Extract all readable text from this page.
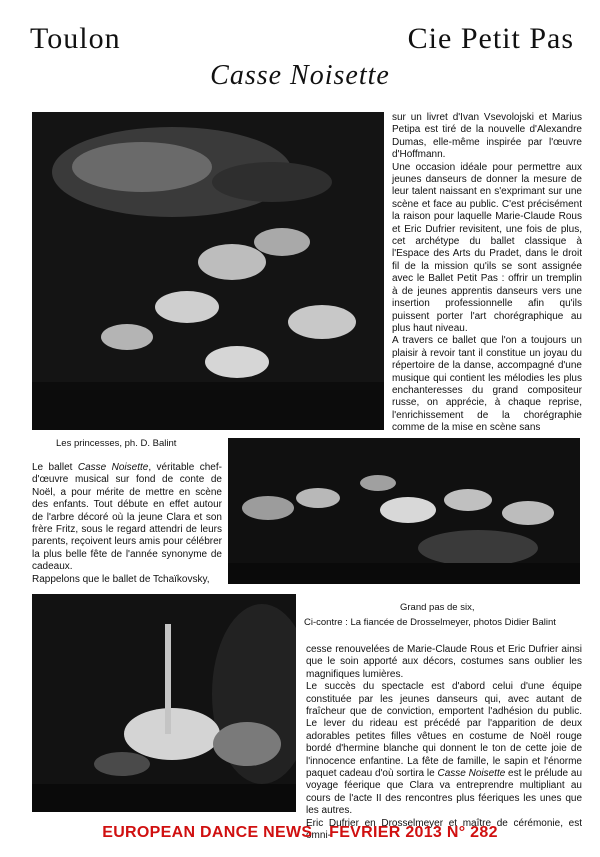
Toulon	Cie Petit Pas
Casse Noisette
Les princesses, ph. D. Balint

sur un livret d'Ivan Vsevolojski et Marius Petipa est tiré de la nouvelle d'Alexandre Dumas, elle-même inspirée par l'œuvre d'Hoffmann.

Une occasion idéale pour permettre aux jeunes danseurs de donner la mesure de leur talent naissant en s'exprimant sur une scène et face au public. C'est précisément la raison pour laquelle Marie-Claude Rous et Eric Dufrier revisitent, une fois de plus, cet archétype du ballet classique à l'Espace des Arts du Pradet, dans le droit fil de la mission qu'ils se sont assignée avec le Ballet Petit Pas : offrir un tremplin à de jeunes apprentis danseurs vers une insertion professionnelle afin qu'ils puissent porter l'art chorégraphique au plus haut niveau.

A travers ce ballet que l'on a toujours un plaisir à revoir tant il constitue un joyau du répertoire de la danse, accompagné d'une musique qui contient les mélodies les plus enchanteresses du grand compositeur russe, on apprécie, à chaque reprise, l'enrichissement de la chorégraphie comme de la mise en scène sans

Le ballet Casse Noisette, véritable chef-d'œuvre musical sur fond de conte de Noël, a pour mérite de mettre en scène des enfants. Tout débute en effet autour de l'arbre décoré où la jeune Clara et son frère Fritz, sous le regard attendri de leurs parents, reçoivent leurs amis pour célébrer la plus belle fête de l'année synonyme de cadeaux.

Rappelons que le ballet de Tchaïkovsky,

Grand pas de six,
Ci-contre : La fiancée de Drosselmeyer, photos Didier Balint

cesse renouvelées de Marie-Claude Rous et Eric Dufrier ainsi que le soin apporté aux décors, costumes sans oublier les magnifiques lumières.

Le succès du spectacle est d'abord celui d'une équipe constituée par les jeunes danseurs qui, avec autant de fraîcheur que de conviction, emportent l'adhésion du public. Le lever du rideau est précédé par l'apparition de deux adorables petites filles vêtues en costume de Noël rouge bordé d'hermine blanche qui donnent le ton de cette joie de l'innocence enfantine. La fête de famille, le sapin et l'énorme paquet cadeau d'où sortira le Casse Noisette est le prélude au voyage féerique que Clara va entreprendre multipliant au cours de l'acte II des rencontres plus féeriques les unes que les autres.

Eric Dufrier en Drosselmeyer et maître de cérémonie, est omni-

EUROPEAN DANCE NEWS FEVRIER 2013 N° 282
